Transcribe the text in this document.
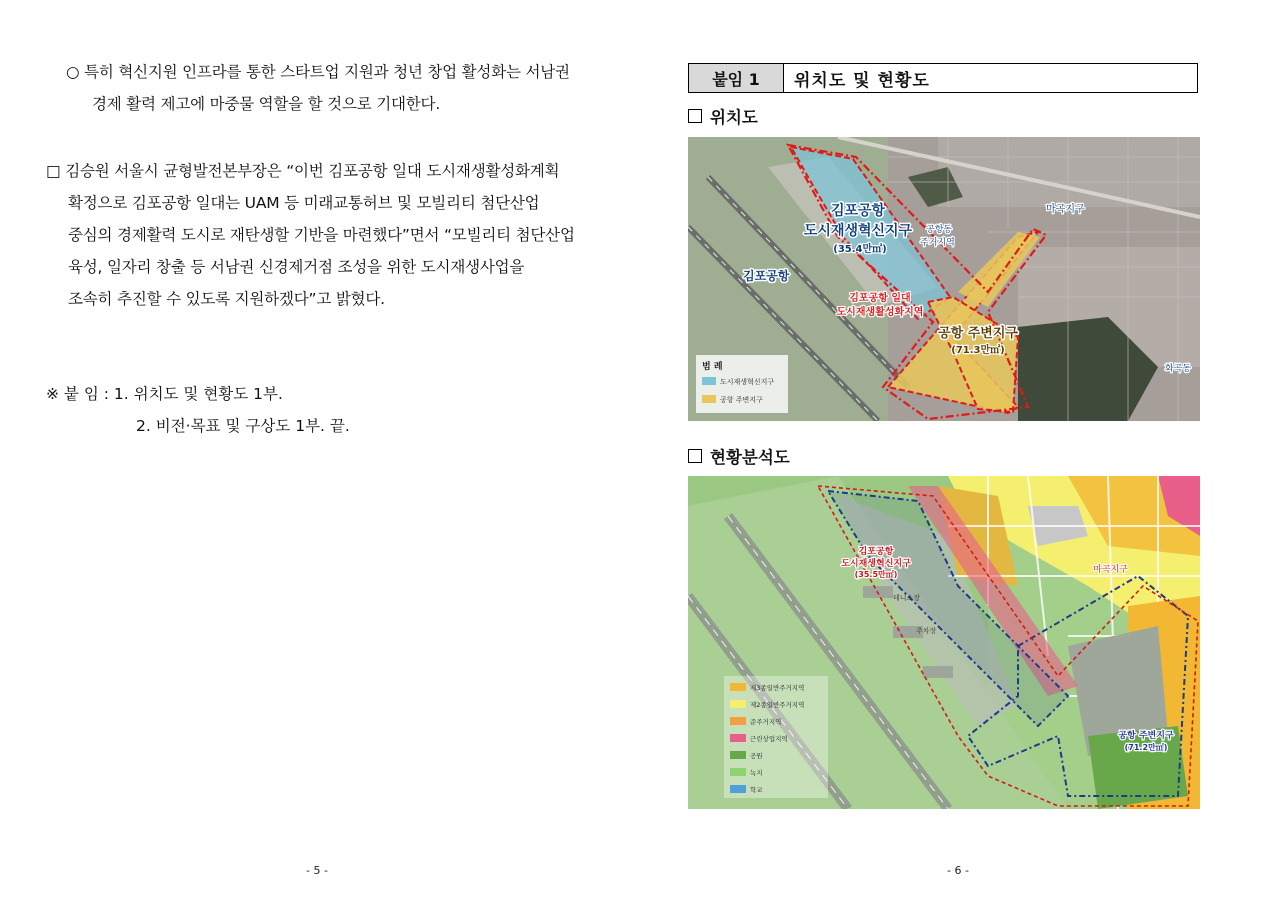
○ 특히 혁신지원 인프라를 통한 스타트업 지원과 청년 창업 활성화는 서남권
경제 활력 제고에 마중물 역할을 할 것으로 기대한다.
□ 김승원 서울시 균형발전본부장은 “이번 김포공항 일대 도시재생활성화계획
확정으로 김포공항 일대는 UAM 등 미래교통허브 및 모빌리티 첨단산업
중심의 경제활력 도시로 재탄생할 기반을 마련했다”면서 “모빌리티 첨단산업
육성, 일자리 창출 등 서남권 신경제거점 조성을 위한 도시재생사업을
조속히 추진할 수 있도록 지원하겠다”고 밝혔다.
※ 붙 임 : 1. 위치도 및 현황도 1부.
2. 비전·목표 및 구상도 1부. 끝.
- 5 -
붙임 1	위치도 및 현황도
위치도
김포공항
도시재생혁신지구
(35.4만㎡)
김포공항
공항동
주거지역
마곡지구
김포공항 일대
도시재생활성화지역
공항 주변지구
(71.3만㎡)
화곡동
범 례
도시재생혁신지구
공항 주변지구
현황분석도
김포공항
도시재생혁신지구
(35.5만㎡)
테니스장
주차장
마곡지구
공항 주변지구
(71.2만㎡)
제3종일반주거지역
제2종일반주거지역
준주거지역
근린상업지역
공원
녹지
학교
- 6 -
